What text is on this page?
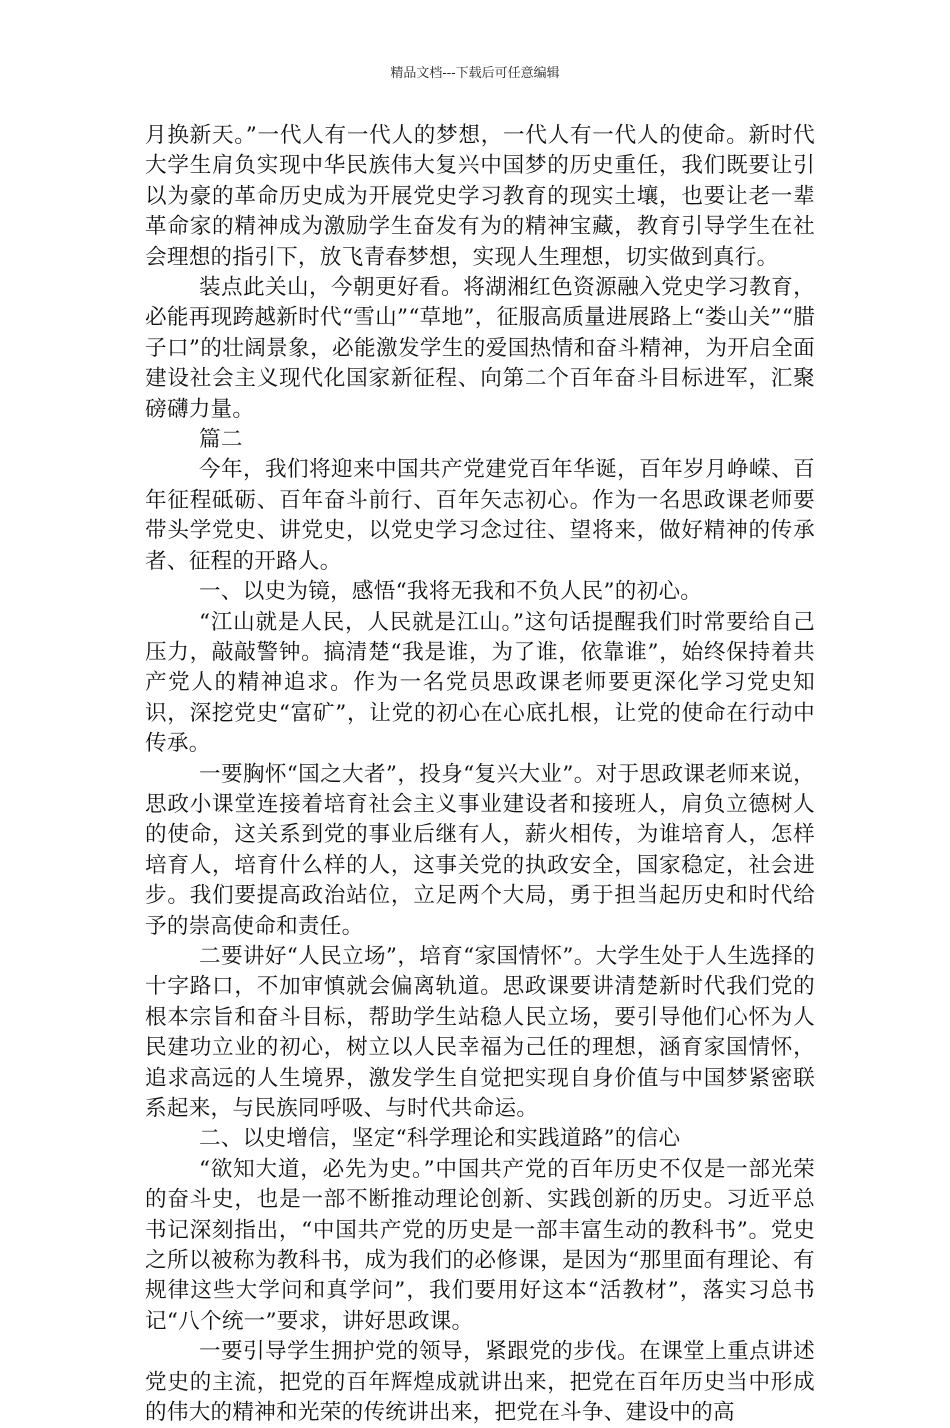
精品文档---下载后可任意编辑

月换新天。”一代人有一代人的梦想，一代人有一代人的使命。新时代大学生肩负实现中华民族伟大复兴中国梦的历史重任，我们既要让引以为豪的革命历史成为开展党史学习教育的现实土壤，也要让老一辈革命家的精神成为激励学生奋发有为的精神宝藏，教育引导学生在社会理想的指引下，放飞青春梦想，实现人生理想，切实做到真行。

装点此关山，今朝更好看。将湖湘红色资源融入党史学习教育，必能再现跨越新时代“雪山”“草地”，征服高质量进展路上“娄山关”“腊子口”的壮阔景象，必能激发学生的爱国热情和奋斗精神，为开启全面建设社会主义现代化国家新征程、向第二个百年奋斗目标进军，汇聚磅礴力量。

篇二

今年，我们将迎来中国共产党建党百年华诞，百年岁月峥嵘、百年征程砥砺、百年奋斗前行、百年矢志初心。作为一名思政课老师要带头学党史、讲党史，以党史学习念过往、望将来，做好精神的传承者、征程的开路人。

一、以史为镜，感悟“我将无我和不负人民”的初心。

“江山就是人民，人民就是江山。”这句话提醒我们时常要给自己压力，敲敲警钟。搞清楚“我是谁，为了谁，依靠谁”，始终保持着共产党人的精神追求。作为一名党员思政课老师要更深化学习党史知识，深挖党史“富矿”，让党的初心在心底扎根，让党的使命在行动中传承。

一要胸怀“国之大者”，投身“复兴大业”。对于思政课老师来说，思政小课堂连接着培育社会主义事业建设者和接班人，肩负立德树人的使命，这关系到党的事业后继有人，薪火相传，为谁培育人，怎样培育人，培育什么样的人，这事关党的执政安全，国家稳定，社会进步。我们要提高政治站位，立足两个大局，勇于担当起历史和时代给予的崇高使命和责任。

二要讲好“人民立场”，培育“家国情怀”。大学生处于人生选择的十字路口，不加审慎就会偏离轨道。思政课要讲清楚新时代我们党的根本宗旨和奋斗目标，帮助学生站稳人民立场，要引导他们心怀为人民建功立业的初心，树立以人民幸福为己任的理想，涵育家国情怀，追求高远的人生境界，激发学生自觉把实现自身价值与中国梦紧密联系起来，与民族同呼吸、与时代共命运。

二、以史增信，坚定“科学理论和实践道路”的信心

“欲知大道，必先为史。”中国共产党的百年历史不仅是一部光荣的奋斗史，也是一部不断推动理论创新、实践创新的历史。习近平总书记深刻指出，“中国共产党的历史是一部丰富生动的教科书”。党史之所以被称为教科书，成为我们的必修课，是因为“那里面有理论、有规律这些大学问和真学问”，我们要用好这本“活教材”，落实习总书记“八个统一”要求，讲好思政课。

一要引导学生拥护党的领导，紧跟党的步伐。在课堂上重点讲述党史的主流，把党的百年辉煌成就讲出来，把党在百年历史当中形成的伟大的精神和光荣的传统讲出来，把党在斗争、建设中的高
